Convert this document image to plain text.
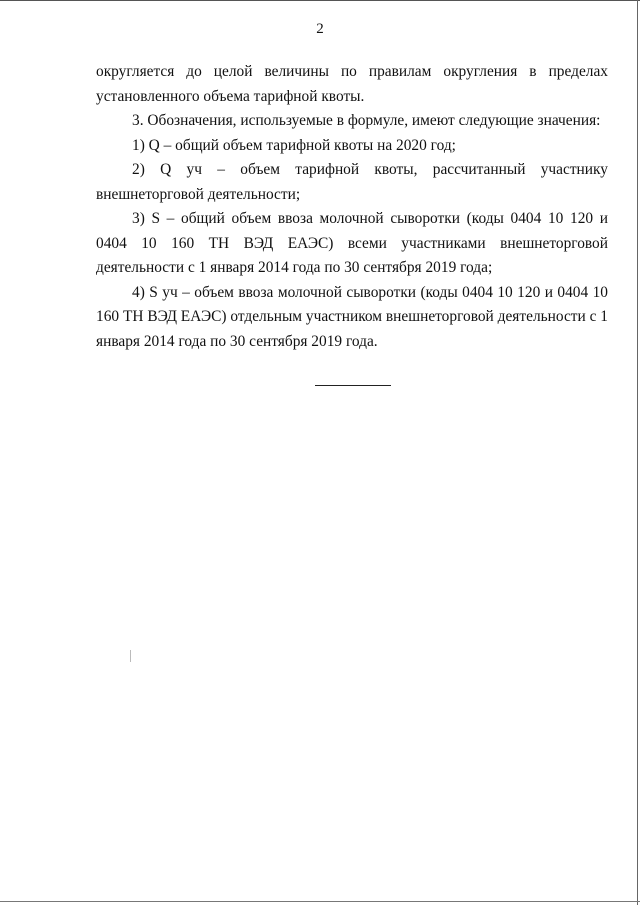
2

округляется до целой величины по правилам округления в пределах установленного объема тарифной квоты.

3. Обозначения, используемые в формуле, имеют следующие значения:

1) Q – общий объем тарифной квоты на 2020 год;

2) Q уч – объем тарифной квоты, рассчитанный участнику внешнеторговой деятельности;

3) S – общий объем ввоза молочной сыворотки (коды 0404 10 120 и 0404 10 160 ТН ВЭД ЕАЭС) всеми участниками внешнеторговой деятельности с 1 января 2014 года по 30 сентября 2019 года;

4) S уч – объем ввоза молочной сыворотки (коды 0404 10 120 и 0404 10 160 ТН ВЭД ЕАЭС) отдельным участником внешнеторговой деятельности с 1 января 2014 года по 30 сентября 2019 года.
